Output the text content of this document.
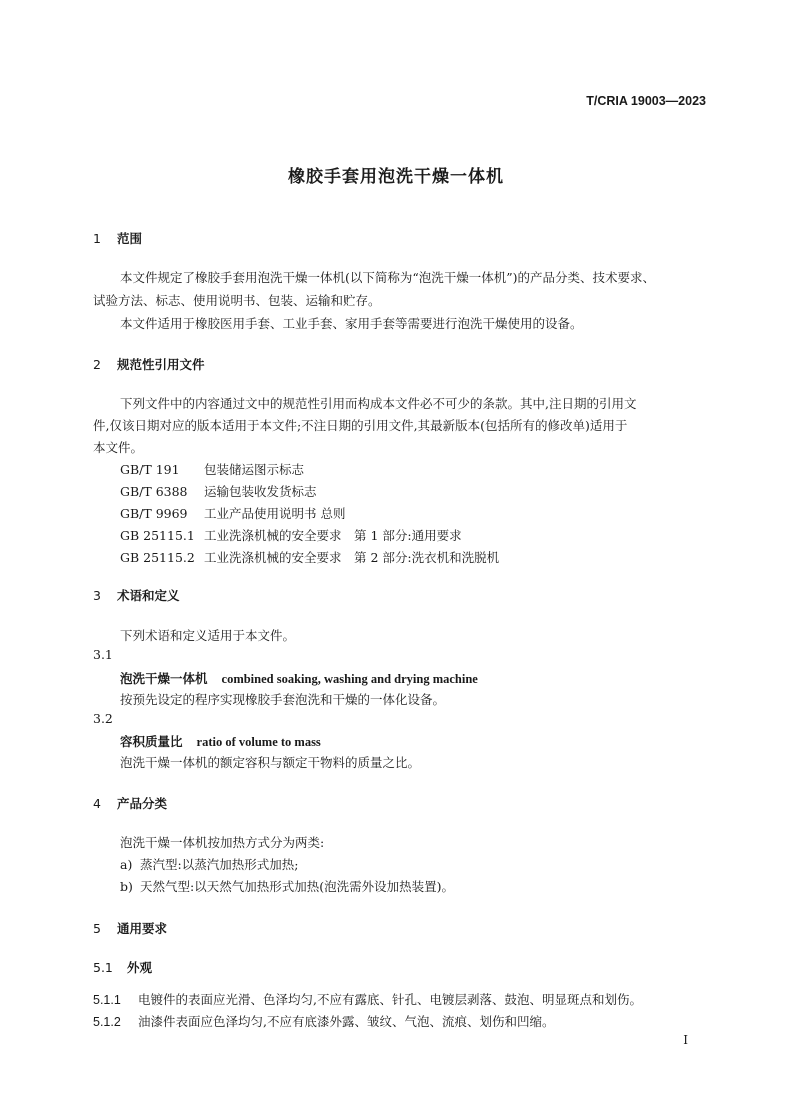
T/CRIA 19003—2023
橡胶手套用泡洗干燥一体机
1 范围
本文件规定了橡胶手套用泡洗干燥一体机(以下简称为“泡洗干燥一体机”)的产品分类、技术要求、
试验方法、标志、使用说明书、包装、运输和贮存。
本文件适用于橡胶医用手套、工业手套、家用手套等需要进行泡洗干燥使用的设备。
2 规范性引用文件
下列文件中的内容通过文中的规范性引用而构成本文件必不可少的条款。其中,注日期的引用文
件,仅该日期对应的版本适用于本文件;不注日期的引用文件,其最新版本(包括所有的修改单)适用于
本文件。
GB/T 191 包装储运图示标志
GB/T 6388 运输包装收发货标志
GB/T 9969 工业产品使用说明书 总则
GB 25115.1 工业洗涤机械的安全要求　第 1 部分:通用要求
GB 25115.2 工业洗涤机械的安全要求　第 2 部分:洗衣机和洗脱机
3 术语和定义
下列术语和定义适用于本文件。
3.1
泡洗干燥一体机 combined soaking, washing and drying machine
按预先设定的程序实现橡胶手套泡洗和干燥的一体化设备。
3.2
容积质量比 ratio of volume to mass
泡洗干燥一体机的额定容积与额定干物料的质量之比。
4 产品分类
泡洗干燥一体机按加热方式分为两类:
a) 蒸汽型:以蒸汽加热形式加热;
b) 天然气型:以天然气加热形式加热(泡洗需外设加热装置)。
5 通用要求
5.1 外观
5.1.1 电镀件的表面应光滑、色泽均匀,不应有露底、针孔、电镀层剥落、鼓泡、明显斑点和划伤。
5.1.2 油漆件表面应色泽均匀,不应有底漆外露、皱纹、气泡、流痕、划伤和凹缩。
I
